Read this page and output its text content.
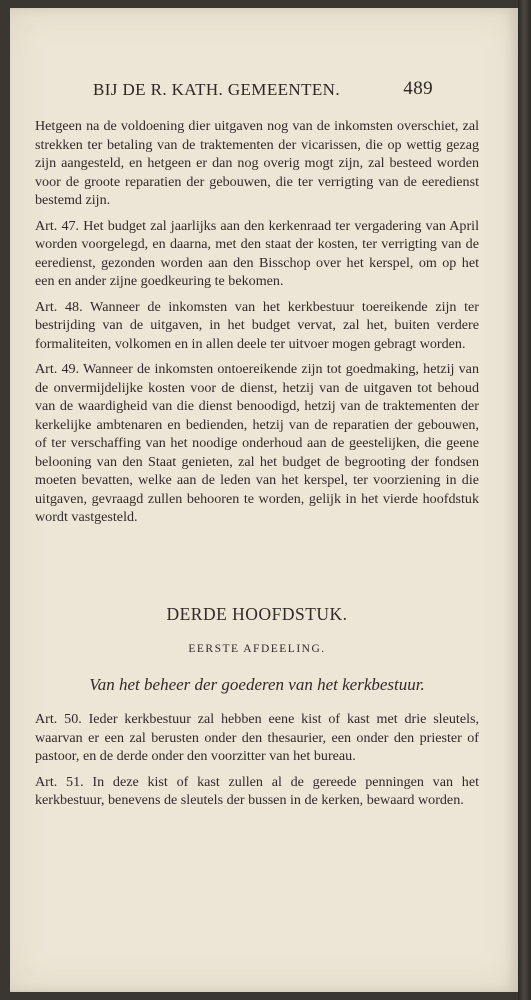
BIJ DE R. KATH. GEMEENTEN.	489

Hetgeen na de voldoening dier uitgaven nog van de inkomsten overschiet, zal strekken ter betaling van de traktementen der vicarissen, die op wettig gezag zijn aangesteld, en hetgeen er dan nog overig mogt zijn, zal besteed worden voor de groote reparatien der gebouwen, die ter verrigting van de eeredienst bestemd zijn.

Art. 47. Het budget zal jaarlijks aan den kerkenraad ter vergadering van April worden voorgelegd, en daarna, met den staat der kosten, ter verrigting van de eeredienst, gezonden worden aan den Bisschop over het kerspel, om op het een en ander zijne goedkeuring te bekomen.

Art. 48. Wanneer de inkomsten van het kerkbestuur toereikende zijn ter bestrijding van de uitgaven, in het budget vervat, zal het, buiten verdere formaliteiten, volkomen en in allen deele ter uitvoer mogen gebragt worden.

Art. 49. Wanneer de inkomsten ontoereikende zijn tot goedmaking, hetzij van de onvermijdelijke kosten voor de dienst, hetzij van de uitgaven tot behoud van de waardigheid van die dienst benoodigd, hetzij van de traktementen der kerkelijke ambtenaren en bedienden, hetzij van de reparatien der gebouwen, of ter verschaffing van het noodige onderhoud aan de geestelijken, die geene belooning van den Staat genieten, zal het budget de begrooting der fondsen moeten bevatten, welke aan de leden van het kerspel, ter voorziening in die uitgaven, gevraagd zullen behooren te worden, gelijk in het vierde hoofdstuk wordt vastgesteld.

DERDE HOOFDSTUK.
EERSTE AFDEELING.
Van het beheer der goederen van het kerkbestuur.

Art. 50. Ieder kerkbestuur zal hebben eene kist of kast met drie sleutels, waarvan er een zal berusten onder den thesaurier, een onder den priester of pastoor, en de derde onder den voorzitter van het bureau.

Art. 51. In deze kist of kast zullen al de gereede penningen van het kerkbestuur, benevens de sleutels der bussen in de kerken, bewaard worden.
